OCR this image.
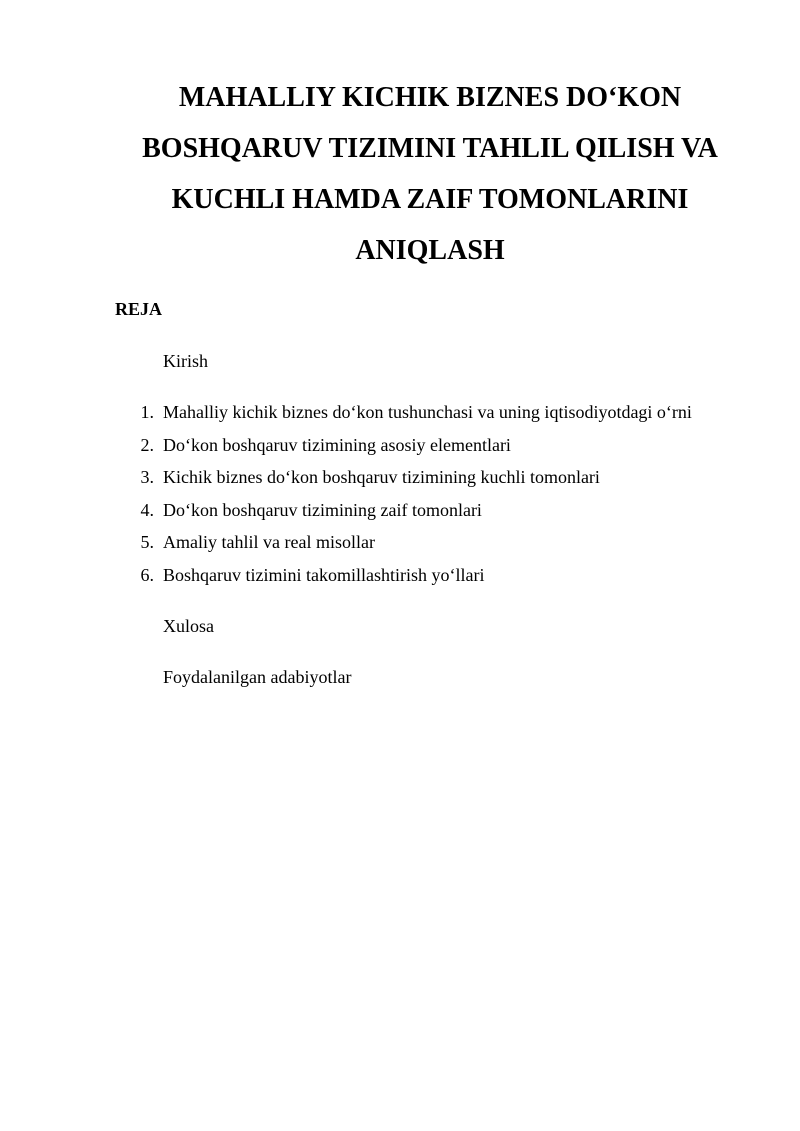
MAHALLIY KICHIK BIZNES DO‘KON
BOSHQARUV TIZIMINI TAHLIL QILISH VA
KUCHLI HAMDA ZAIF TOMONLARINI
ANIQLASH

REJA

Kirish

1. Mahalliy kichik biznes do‘kon tushunchasi va uning iqtisodiyotdagi o‘rni
2. Do‘kon boshqaruv tizimining asosiy elementlari
3. Kichik biznes do‘kon boshqaruv tizimining kuchli tomonlari
4. Do‘kon boshqaruv tizimining zaif tomonlari
5. Amaliy tahlil va real misollar
6. Boshqaruv tizimini takomillashtirish yo‘llari

Xulosa

Foydalanilgan adabiyotlar
